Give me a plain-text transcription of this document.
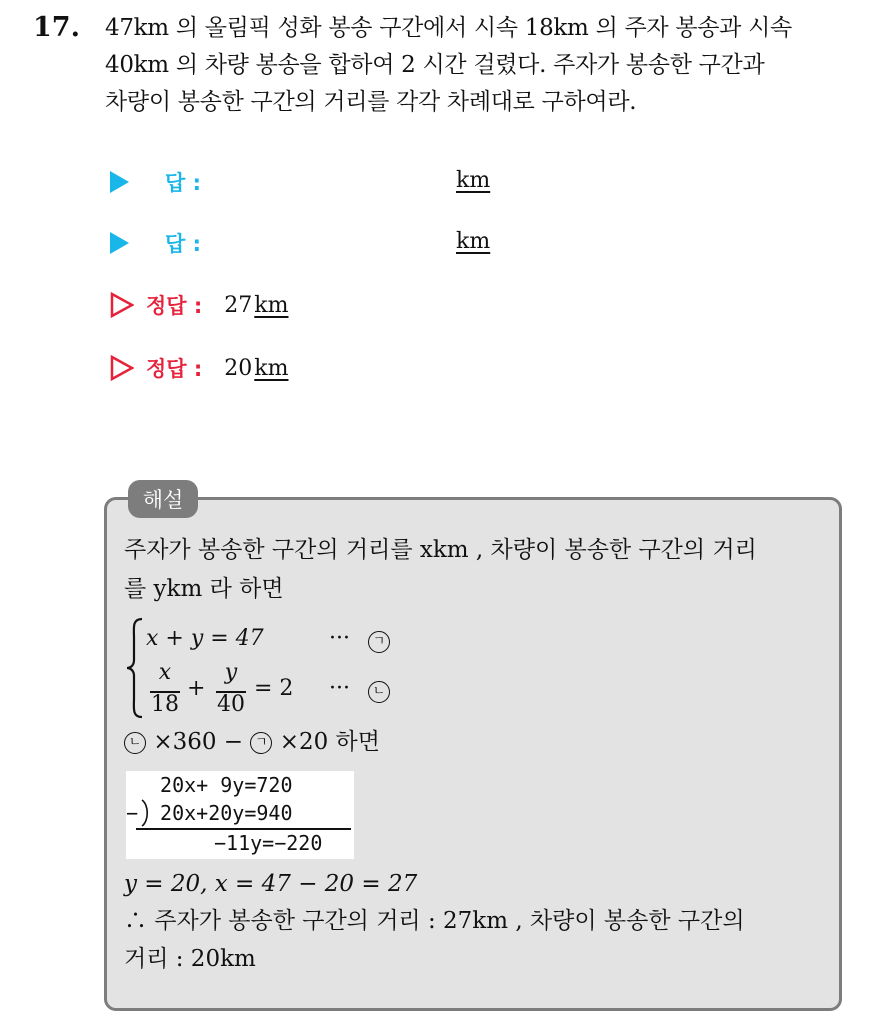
17. 47km 의 올림픽 성화 봉송 구간에서 시속 18km 의 주자 봉송과 시속
40km 의 차량 봉송을 합하여 2 시간 걸렸다. 주자가 봉송한 구간과
차량이 봉송한 구간의 거리를 각각 차례대로 구하여라.
답 :	km
답 :	km
정답 : 27 km
정답 : 20 km
해설
주자가 봉송한 구간의 거리를 xkm , 차량이 봉송한 구간의 거리
를 ykm 라 하면
x + y = 47	···	ㄱ
x
18
+
y
40
= 2 ···	ㄴ
ㄴ ×360 − ㄱ ×20 하면
20x+ 9y=720
− 20x+20y=940
−11y=−220
y = 20, x = 47 − 20 = 27
∴ 주자가 봉송한 구간의 거리 : 27km , 차량이 봉송한 구간의
거리 : 20km
